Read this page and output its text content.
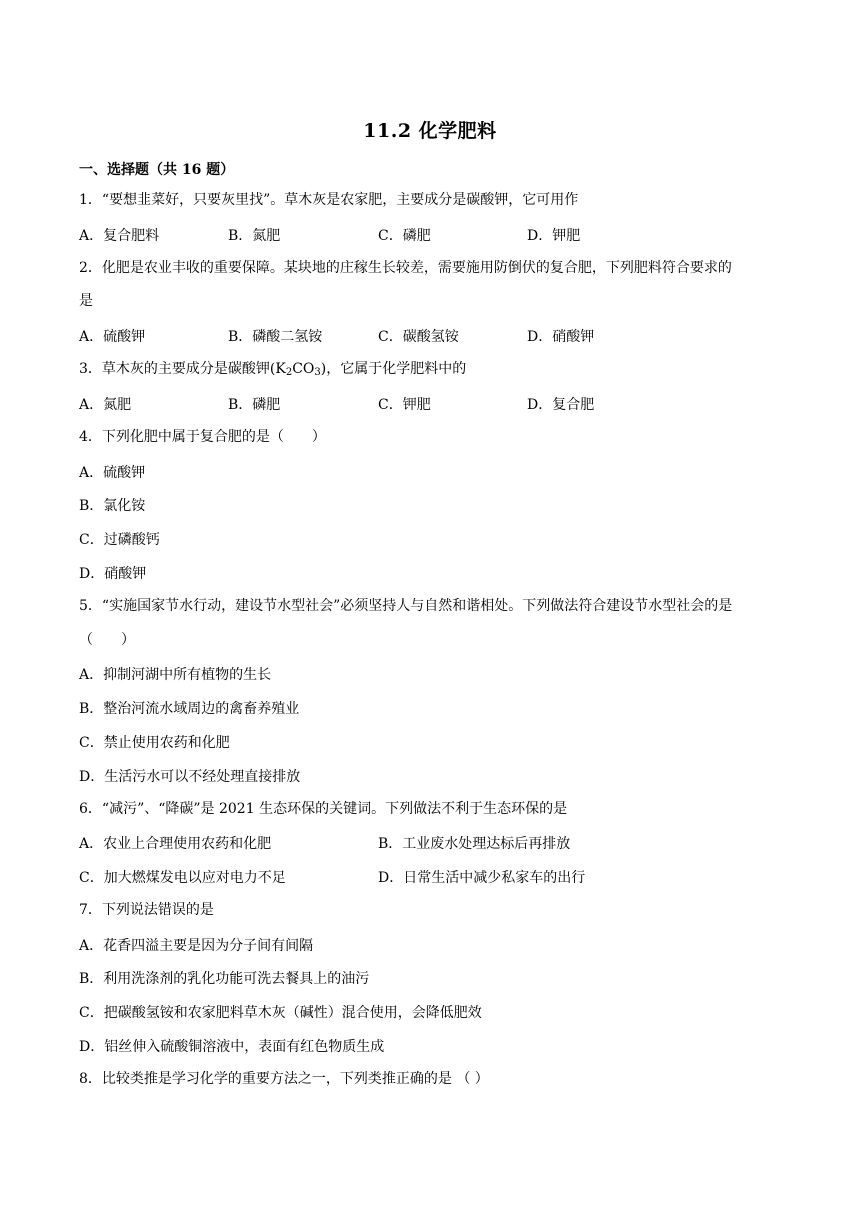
11.2 化学肥料
一、选择题（共 16 题）
1．“要想韭菜好，只要灰里找”。草木灰是农家肥，主要成分是碳酸钾，它可用作
A．复合肥料	B．氮肥	C．磷肥	D．钾肥
2．化肥是农业丰收的重要保障。某块地的庄稼生长较差，需要施用防倒伏的复合肥，下列肥料符合要求的
是
A．硫酸钾	B．磷酸二氢铵	C．碳酸氢铵	D．硝酸钾
3．草木灰的主要成分是碳酸钾$(K_2CO_3)$，它属于化学肥料中的
A．氮肥	B．磷肥	C．钾肥	D．复合肥
4．下列化肥中属于复合肥的是（　　）
A．硫酸钾
B．氯化铵
C．过磷酸钙
D．硝酸钾
5．“实施国家节水行动，建设节水型社会”必须坚持人与自然和谐相处。下列做法符合建设节水型社会的是
（　　）
A．抑制河湖中所有植物的生长
B．整治河流水域周边的禽畜养殖业
C．禁止使用农药和化肥
D．生活污水可以不经处理直接排放
6．“减污”、“降碳”是 2021 生态环保的关键词。下列做法不利于生态环保的是
A．农业上合理使用农药和化肥	B．工业废水处理达标后再排放
C．加大燃煤发电以应对电力不足	D．日常生活中减少私家车的出行
7．下列说法错误的是
A．花香四溢主要是因为分子间有间隔
B．利用洗涤剂的乳化功能可洗去餐具上的油污
C．把碳酸氢铵和农家肥料草木灰（碱性）混合使用，会降低肥效
D．铝丝伸入硫酸铜溶液中，表面有红色物质生成
8．比较类推是学习化学的重要方法之一，下列类推正确的是 （ ）
